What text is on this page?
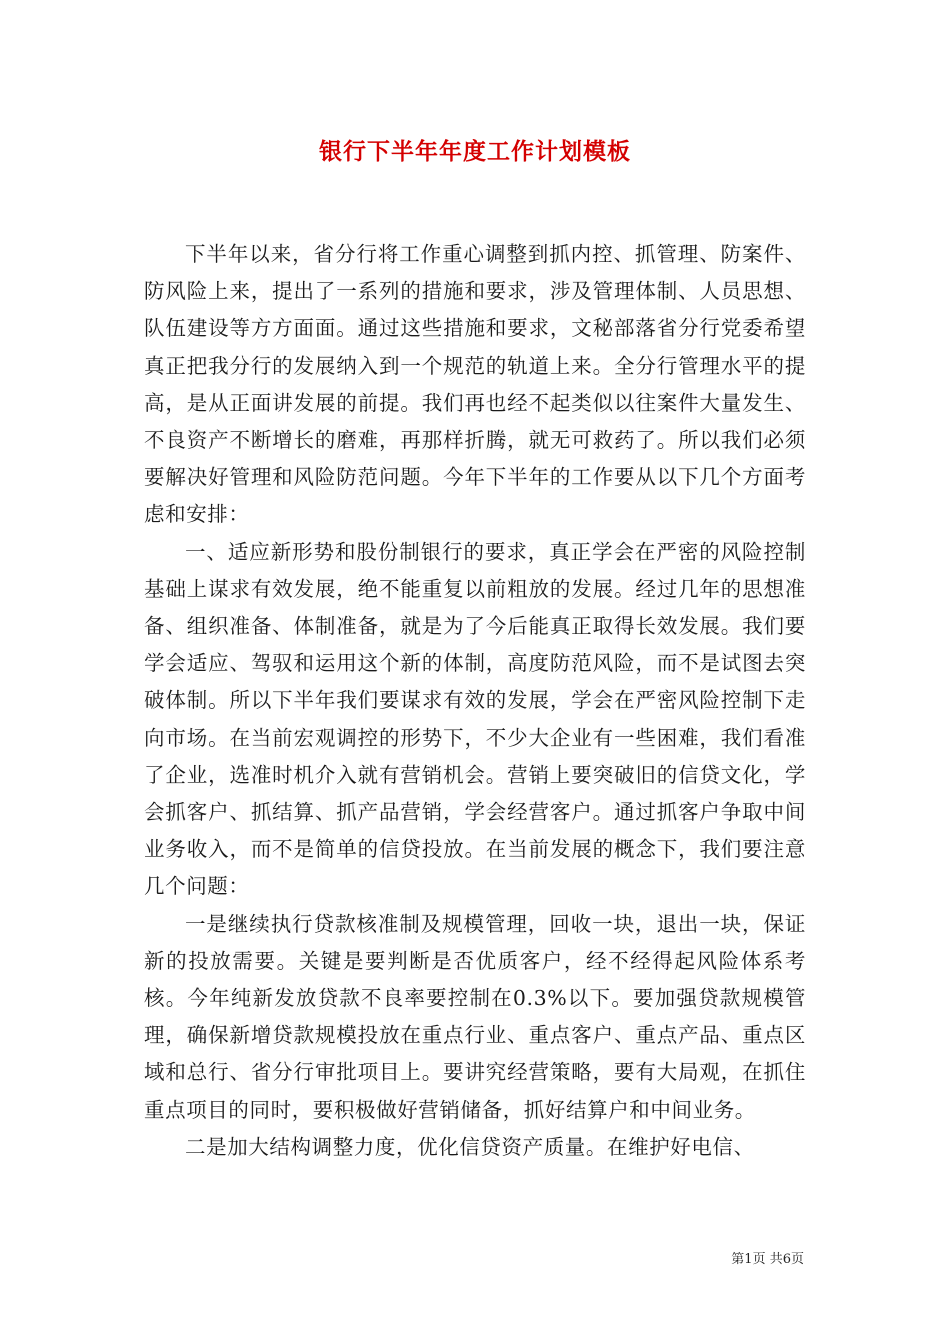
银行下半年年度工作计划模板

下半年以来，省分行将工作重心调整到抓内控、抓管理、防案件、防风险上来，提出了一系列的措施和要求，涉及管理体制、人员思想、队伍建设等方方面面。通过这些措施和要求，文秘部落省分行党委希望真正把我分行的发展纳入到一个规范的轨道上来。全分行管理水平的提高，是从正面讲发展的前提。我们再也经不起类似以往案件大量发生、不良资产不断增长的磨难，再那样折腾，就无可救药了。所以我们必须要解决好管理和风险防范问题。今年下半年的工作要从以下几个方面考虑和安排：

一、适应新形势和股份制银行的要求，真正学会在严密的风险控制基础上谋求有效发展，绝不能重复以前粗放的发展。经过几年的思想准备、组织准备、体制准备，就是为了今后能真正取得长效发展。我们要学会适应、驾驭和运用这个新的体制，高度防范风险，而不是试图去突破体制。所以下半年我们要谋求有效的发展，学会在严密风险控制下走向市场。在当前宏观调控的形势下，不少大企业有一些困难，我们看准了企业，选准时机介入就有营销机会。营销上要突破旧的信贷文化，学会抓客户、抓结算、抓产品营销，学会经营客户。通过抓客户争取中间业务收入，而不是简单的信贷投放。在当前发展的概念下，我们要注意几个问题：

一是继续执行贷款核准制及规模管理，回收一块，退出一块，保证新的投放需要。关键是要判断是否优质客户，经不经得起风险体系考核。今年纯新发放贷款不良率要控制在0.3%以下。要加强贷款规模管理，确保新增贷款规模投放在重点行业、重点客户、重点产品、重点区域和总行、省分行审批项目上。要讲究经营策略，要有大局观，在抓住重点项目的同时，要积极做好营销储备，抓好结算户和中间业务。

二是加大结构调整力度，优化信贷资产质量。在维护好电信、

第1页 共6页
